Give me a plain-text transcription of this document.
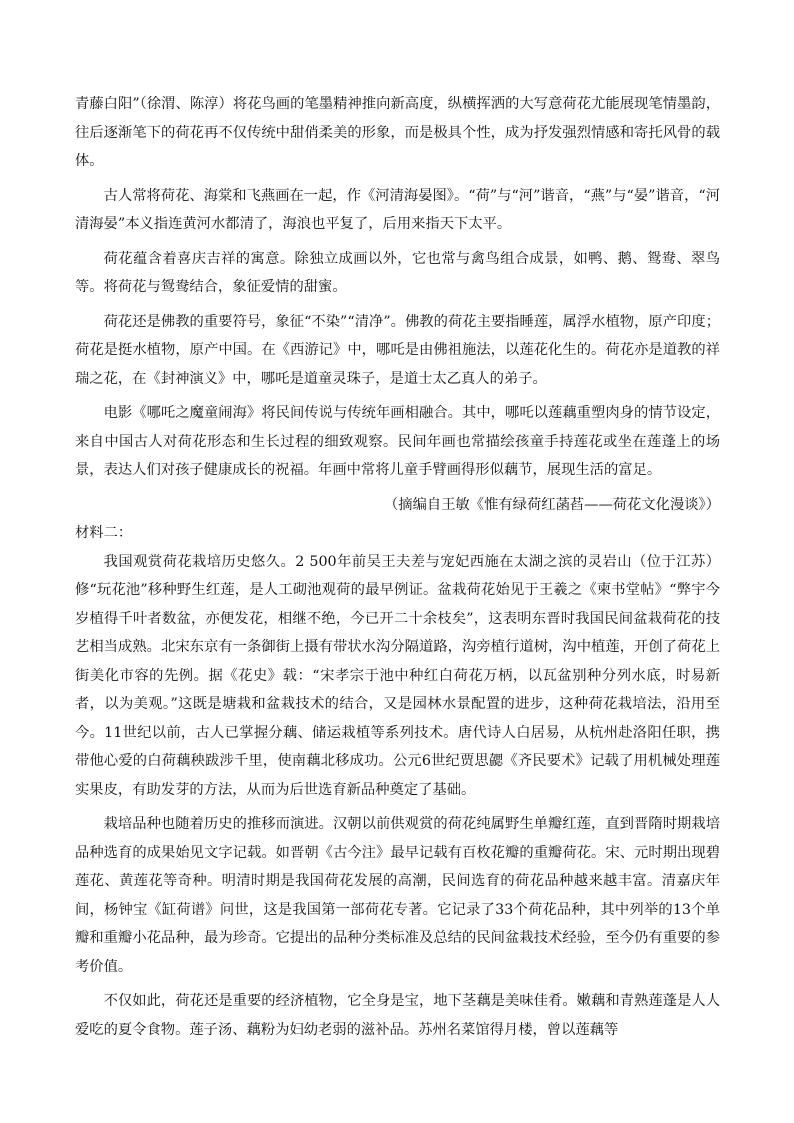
青藤白阳”（徐渭、陈淳）将花鸟画的笔墨精神推向新高度，纵横挥洒的大写意荷花尤能展现笔情墨韵，往后逐渐笔下的荷花再不仅传统中甜俏柔美的形象，而是极具个性，成为抒发强烈情感和寄托风骨的载体。

古人常将荷花、海棠和飞燕画在一起，作《河清海晏图》。“荷”与“河”谐音，“燕”与“晏”谐音，“河清海晏”本义指连黄河水都清了，海浪也平复了，后用来指天下太平。

荷花蕴含着喜庆吉祥的寓意。除独立成画以外，它也常与禽鸟组合成景，如鸭、鹅、鸳鸯、翠鸟等。将荷花与鸳鸯结合，象征爱情的甜蜜。

荷花还是佛教的重要符号，象征“不染”“清净”。佛教的荷花主要指睡莲，属浮水植物，原产印度；荷花是挺水植物，原产中国。在《西游记》中，哪吒是由佛祖施法，以莲花化生的。荷花亦是道教的祥瑞之花，在《封神演义》中，哪吒是道童灵珠子，是道士太乙真人的弟子。

电影《哪吒之魔童闹海》将民间传说与传统年画相融合。其中，哪吒以莲藕重塑肉身的情节设定，来自中国古人对荷花形态和生长过程的细致观察。民间年画也常描绘孩童手持莲花或坐在莲蓬上的场景，表达人们对孩子健康成长的祝福。年画中常将儿童手臂画得形似藕节，展现生活的富足。

（摘编自王敏《惟有绿荷红菡萏——荷花文化漫谈》）

材料二：

我国观赏荷花栽培历史悠久。2 500年前吴王夫差与宠妃西施在太湖之滨的灵岩山（位于江苏）修“玩花池”移种野生红莲，是人工砌池观荷的最早例证。盆栽荷花始见于王羲之《柬书堂帖》“弊宇今岁植得千叶者数盆，亦便发花，相继不绝，今已开二十余枝矣”，这表明东晋时我国民间盆栽荷花的技艺相当成熟。北宋东京有一条御街上摄有带状水沟分隔道路，沟旁植行道树，沟中植莲，开创了荷花上街美化市容的先例。据《花史》载：“宋孝宗于池中种红白荷花万柄，以瓦盆别种分列水底，时易新者，以为美观。”这既是塘栽和盆栽技术的结合，又是园林水景配置的进步，这种荷花栽培法，沿用至今。11世纪以前，古人已掌握分藕、储运栽植等系列技术。唐代诗人白居易，从杭州赴洛阳任职，携带他心爱的白荷藕秧跋涉千里，使南藕北移成功。公元6世纪贾思勰《齐民要术》记载了用机械处理莲实果皮，有助发芽的方法，从而为后世选育新品种奠定了基础。

栽培品种也随着历史的推移而演进。汉朝以前供观赏的荷花纯属野生单瓣红莲，直到晋隋时期栽培品种选育的成果始见文字记载。如晋朝《古今注》最早记载有百枚花瓣的重瓣荷花。宋、元时期出现碧莲花、黄莲花等奇种。明清时期是我国荷花发展的高潮，民间选育的荷花品种越来越丰富。清嘉庆年间，杨钟宝《缸荷谱》问世，这是我国第一部荷花专著。它记录了33个荷花品种，其中列举的13个单瓣和重瓣小花品种，最为珍奇。它提出的品种分类标准及总结的民间盆栽技术经验，至今仍有重要的参考价值。

不仅如此，荷花还是重要的经济植物，它全身是宝，地下茎藕是美味佳肴。嫩藕和青熟莲蓬是人人爱吃的夏令食物。莲子汤、藕粉为妇幼老弱的滋补品。苏州名菜馆得月楼，曾以莲藕等
